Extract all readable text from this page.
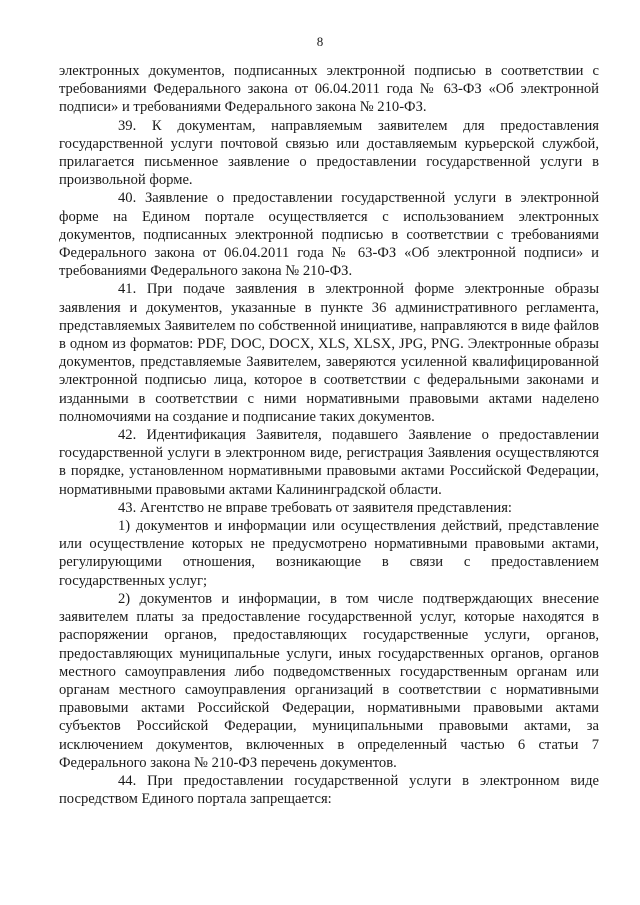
8

электронных документов, подписанных электронной подписью в соответствии с требованиями Федерального закона от 06.04.2011 года № 63-ФЗ «Об электронной подписи» и требованиями Федерального закона № 210-ФЗ.

39. К документам, направляемым заявителем для предоставления государственной услуги почтовой связью или доставляемым курьерской службой, прилагается письменное заявление о предоставлении государственной услуги в произвольной форме.

40. Заявление о предоставлении государственной услуги в электронной форме на Едином портале осуществляется с использованием электронных документов, подписанных электронной подписью в соответствии с требованиями Федерального закона от 06.04.2011 года № 63-ФЗ «Об электронной подписи» и требованиями Федерального закона № 210-ФЗ.

41. При подаче заявления в электронной форме электронные образы заявления и документов, указанные в пункте 36 административного регламента, представляемых Заявителем по собственной инициативе, направляются в виде файлов в одном из форматов: PDF, DOC, DOCX, XLS, XLSX, JPG, PNG. Электронные образы документов, представляемые Заявителем, заверяются усиленной квалифицированной электронной подписью лица, которое в соответствии с федеральными законами и изданными в соответствии с ними нормативными правовыми актами наделено полномочиями на создание и подписание таких документов.

42. Идентификация Заявителя, подавшего Заявление о предоставлении государственной услуги в электронном виде, регистрация Заявления осуществляются в порядке, установленном нормативными правовыми актами Российской Федерации, нормативными правовыми актами Калининградской области.

43. Агентство не вправе требовать от заявителя представления:

1) документов и информации или осуществления действий, представление или осуществление которых не предусмотрено нормативными правовыми актами, регулирующими отношения, возникающие в связи с предоставлением государственных услуг;

2) документов и информации, в том числе подтверждающих внесение заявителем платы за предоставление государственной услуг, которые находятся в распоряжении органов, предоставляющих государственные услуги, органов, предоставляющих муниципальные услуги, иных государственных органов, органов местного самоуправления либо подведомственных государственным органам или органам местного самоуправления организаций в соответствии с нормативными правовыми актами Российской Федерации, нормативными правовыми актами субъектов Российской Федерации, муниципальными правовыми актами, за исключением документов, включенных в определенный частью 6 статьи 7 Федерального закона № 210-ФЗ перечень документов.

44. При предоставлении государственной услуги в электронном виде посредством Единого портала запрещается:
